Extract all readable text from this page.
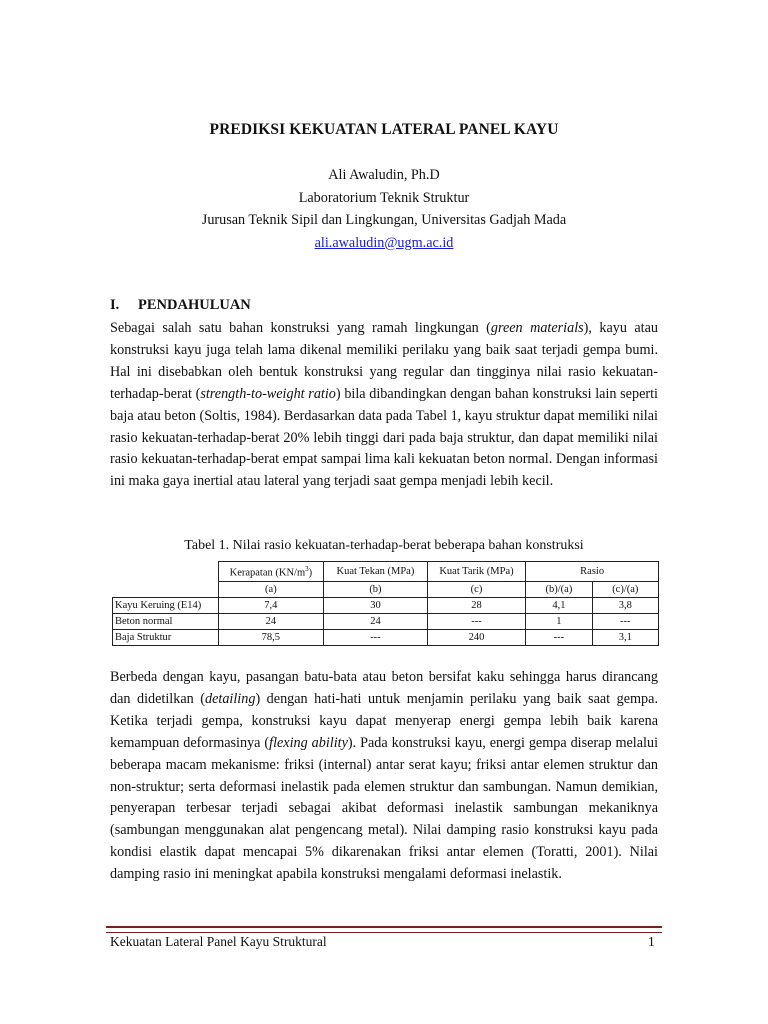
PREDIKSI KEKUATAN LATERAL PANEL KAYU
Ali Awaludin, Ph.D
Laboratorium Teknik Struktur
Jurusan Teknik Sipil dan Lingkungan, Universitas Gadjah Mada
ali.awaludin@ugm.ac.id
I. PENDAHULUAN

Sebagai salah satu bahan konstruksi yang ramah lingkungan (green materials), kayu atau konstruksi kayu juga telah lama dikenal memiliki perilaku yang baik saat terjadi gempa bumi. Hal ini disebabkan oleh bentuk konstruksi yang regular dan tingginya nilai rasio kekuatan-terhadap-berat (strength-to-weight ratio) bila dibandingkan dengan bahan konstruksi lain seperti baja atau beton (Soltis, 1984). Berdasarkan data pada Tabel 1, kayu struktur dapat memiliki nilai rasio kekuatan-terhadap-berat 20% lebih tinggi dari pada baja struktur, dan dapat memiliki nilai rasio kekuatan-terhadap-berat empat sampai lima kali kekuatan beton normal. Dengan informasi ini maka gaya inertial atau lateral yang terjadi saat gempa menjadi lebih kecil.

Tabel 1. Nilai rasio kekuatan-terhadap-berat beberapa bahan konstruksi
	Kerapatan $(KN/m^3)$	Kuat Tekan (MPa)	Kuat Tarik (MPa)	Rasio	
	(a)	(b)	(c)	(b)/(a)	(c)/(a)
Kayu Keruing (E14)	7,4	30	28	4,1	3,8
Beton normal	24	24	---	1	---
Baja Struktur	78,5	---	240	---	3,1

Berbeda dengan kayu, pasangan batu-bata atau beton bersifat kaku sehingga harus dirancang dan didetilkan (detailing) dengan hati-hati untuk menjamin perilaku yang baik saat gempa. Ketika terjadi gempa, konstruksi kayu dapat menyerap energi gempa lebih baik karena kemampuan deformasinya (flexing ability). Pada konstruksi kayu, energi gempa diserap melalui beberapa macam mekanisme: friksi (internal) antar serat kayu; friksi antar elemen struktur dan non-struktur; serta deformasi inelastik pada elemen struktur dan sambungan. Namun demikian, penyerapan terbesar terjadi sebagai akibat deformasi inelastik sambungan mekaniknya (sambungan menggunakan alat pengencang metal). Nilai damping rasio konstruksi kayu pada kondisi elastik dapat mencapai 5% dikarenakan friksi antar elemen (Toratti, 2001). Nilai damping rasio ini meningkat apabila konstruksi mengalami deformasi inelastik.

Kekuatan Lateral Panel Kayu Struktural	1
